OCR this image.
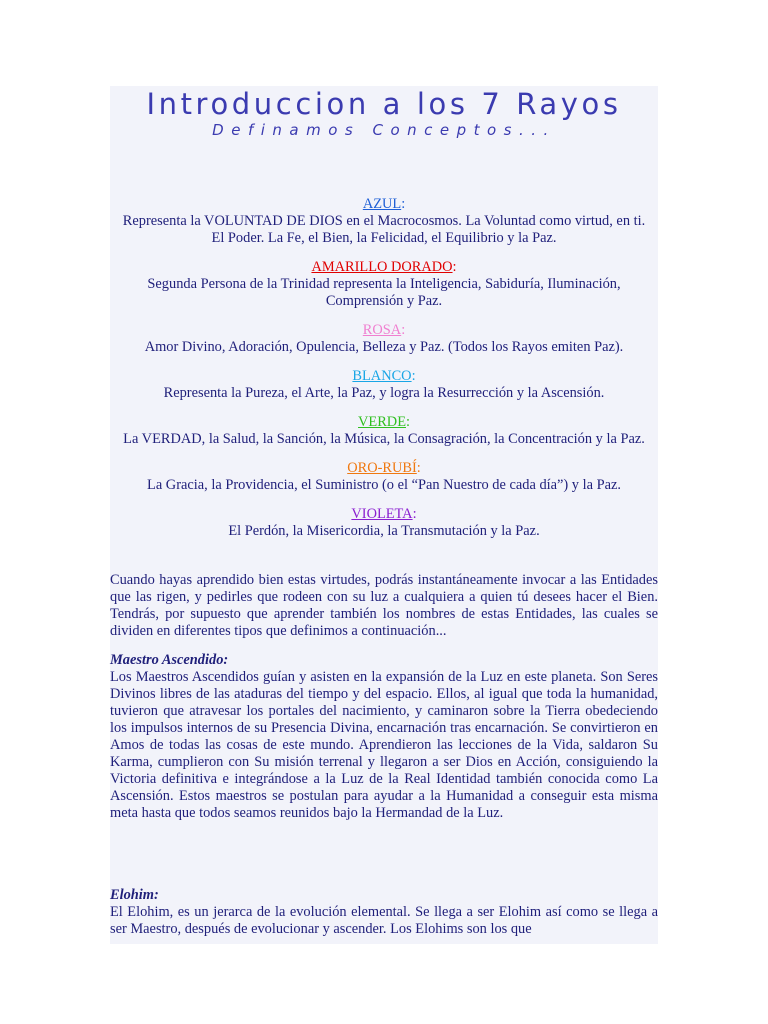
Introduccion a los 7 Rayos
Definamos Conceptos...
AZUL:
Representa la VOLUNTAD DE DIOS en el Macrocosmos. La Voluntad como virtud, en ti. El Poder. La Fe, el Bien, la Felicidad, el Equilibrio y la Paz.
AMARILLO DORADO:
Segunda Persona de la Trinidad representa la Inteligencia, Sabiduría, Iluminación, Comprensión y Paz.
ROSA:
Amor Divino, Adoración, Opulencia, Belleza y Paz. (Todos los Rayos emiten Paz).
BLANCO:
Representa la Pureza, el Arte, la Paz, y logra la Resurrección y la Ascensión.
VERDE:
La VERDAD, la Salud, la Sanción, la Música, la Consagración, la Concentración y la Paz.
ORO-RUBÍ:
La Gracia, la Providencia, el Suministro (o el “Pan Nuestro de cada día”) y la Paz.
VIOLETA:
El Perdón, la Misericordia, la Transmutación y la Paz.
Cuando hayas aprendido bien estas virtudes, podrás instantáneamente invocar a las Entidades que las rigen, y pedirles que rodeen con su luz a cualquiera a quien tú desees hacer el Bien. Tendrás, por supuesto que aprender también los nombres de estas Entidades, las cuales se dividen en diferentes tipos que definimos a continuación...
Maestro Ascendido:
Los Maestros Ascendidos guían y asisten en la expansión de la Luz en este planeta. Son Seres Divinos libres de las ataduras del tiempo y del espacio. Ellos, al igual que toda la humanidad, tuvieron que atravesar los portales del nacimiento, y caminaron sobre la Tierra obedeciendo los impulsos internos de su Presencia Divina, encarnación tras encarnación. Se convirtieron en Amos de todas las cosas de este mundo. Aprendieron las lecciones de la Vida, saldaron Su Karma, cumplieron con Su misión terrenal y llegaron a ser Dios en Acción, consiguiendo la Victoria definitiva e integrándose a la Luz de la Real Identidad también conocida como La Ascensión. Estos maestros se postulan para ayudar a la Humanidad a conseguir esta misma meta hasta que todos seamos reunidos bajo la Hermandad de la Luz.
Elohim:
El Elohim, es un jerarca de la evolución elemental. Se llega a ser Elohim así como se llega a ser Maestro, después de evolucionar y ascender. Los Elohims son los que
